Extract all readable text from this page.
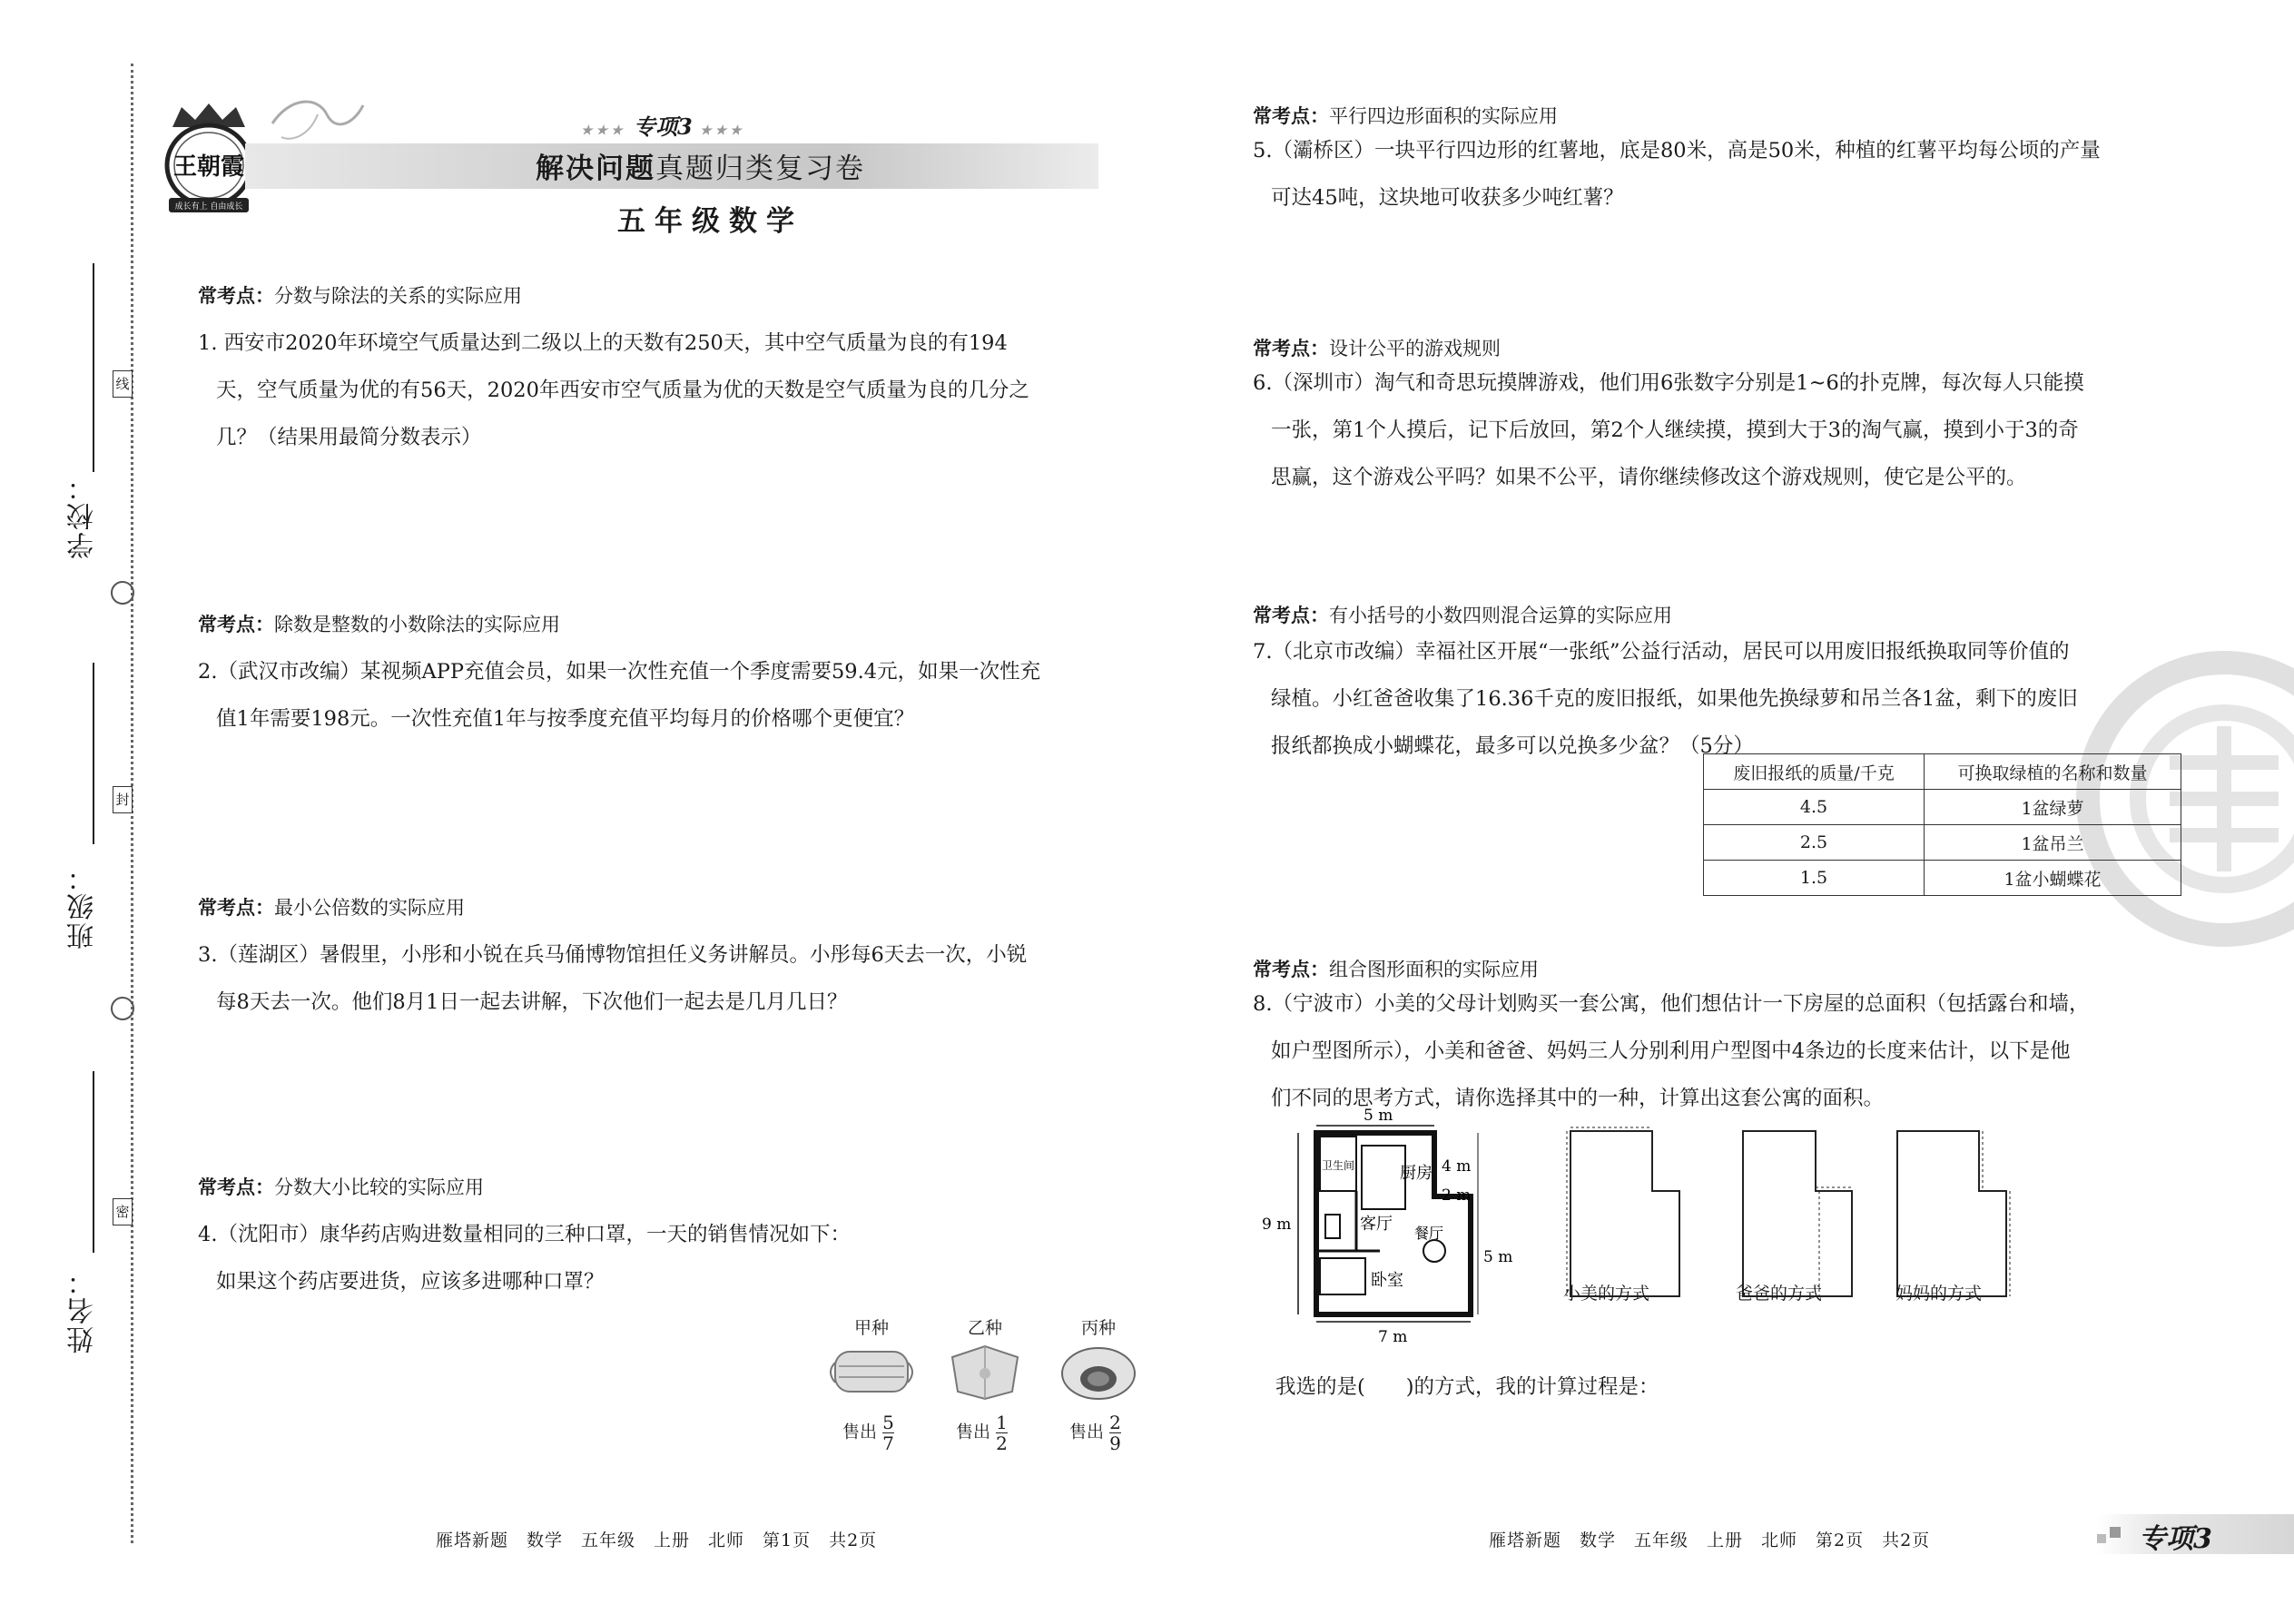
学校：
班级：
姓名：
线
封
密
王朝霞
成长有上 自由成长
★★★ 专项3 ★★★
解决问题真题归类复习卷
五年级数学
常考点：分数与除法的关系的实际应用

1. 西安市2020年环境空气质量达到二级以上的天数有250天，其中空气质量为良的有194

天，空气质量为优的有56天，2020年西安市空气质量为优的天数是空气质量为良的几分之

几？（结果用最简分数表示）

常考点：除数是整数的小数除法的实际应用

2.（武汉市改编）某视频APP充值会员，如果一次性充值一个季度需要59.4元，如果一次性充

值1年需要198元。一次性充值1年与按季度充值平均每月的价格哪个更便宜？

常考点：最小公倍数的实际应用

3.（莲湖区）暑假里，小彤和小锐在兵马俑博物馆担任义务讲解员。小彤每6天去一次，小锐

每8天去一次。他们8月1日一起去讲解，下次他们一起去是几月几日？

常考点：分数大小比较的实际应用

4.（沈阳市）康华药店购进数量相同的三种口罩，一天的销售情况如下：

如果这个药店要进货，应该多进哪种口罩？

甲种	乙种	丙种
售出 $\frac{5}{7}$	售出 $\frac{1}{2}$	售出 $\frac{2}{9}$
雁塔新题　数学　五年级　上册　北师　第1页　共2页
常考点：平行四边形面积的实际应用

5.（灞桥区）一块平行四边形的红薯地，底是80米，高是50米，种植的红薯平均每公顷的产量

可达45吨，这块地可收获多少吨红薯？

常考点：设计公平的游戏规则

6.（深圳市）淘气和奇思玩摸牌游戏，他们用6张数字分别是1~6的扑克牌，每次每人只能摸

一张，第1个人摸后，记下后放回，第2个人继续摸，摸到大于3的淘气赢，摸到小于3的奇

思赢，这个游戏公平吗？如果不公平，请你继续修改这个游戏规则，使它是公平的。

常考点：有小括号的小数四则混合运算的实际应用

7.（北京市改编）幸福社区开展“一张纸”公益行活动，居民可以用废旧报纸换取同等价值的

绿植。小红爸爸收集了16.36千克的废旧报纸，如果他先换绿萝和吊兰各1盆，剩下的废旧

报纸都换成小蝴蝶花，最多可以兑换多少盆？（5分）

废旧报纸的质量/千克	可换取绿植的名称和数量
4.5	1盆绿萝
2.5	1盆吊兰
1.5	1盆小蝴蝶花
常考点：组合图形面积的实际应用

8.（宁波市）小美的父母计划购买一套公寓，他们想估计一下房屋的总面积（包括露台和墙，

如户型图所示），小美和爸爸、妈妈三人分别利用户型图中4条边的长度来估计，以下是他

们不同的思考方式，请你选择其中的一种，计算出这套公寓的面积。

5 m
9 m
4 m
2 m
5 m
7 m
卫生间	厨房
客厅 餐厅
卧室
小美的方式	爸爸的方式	妈妈的方式
我选的是(　　)的方式，我的计算过程是：
雁塔新题　数学　五年级　上册　北师　第2页　共2页	专项3
